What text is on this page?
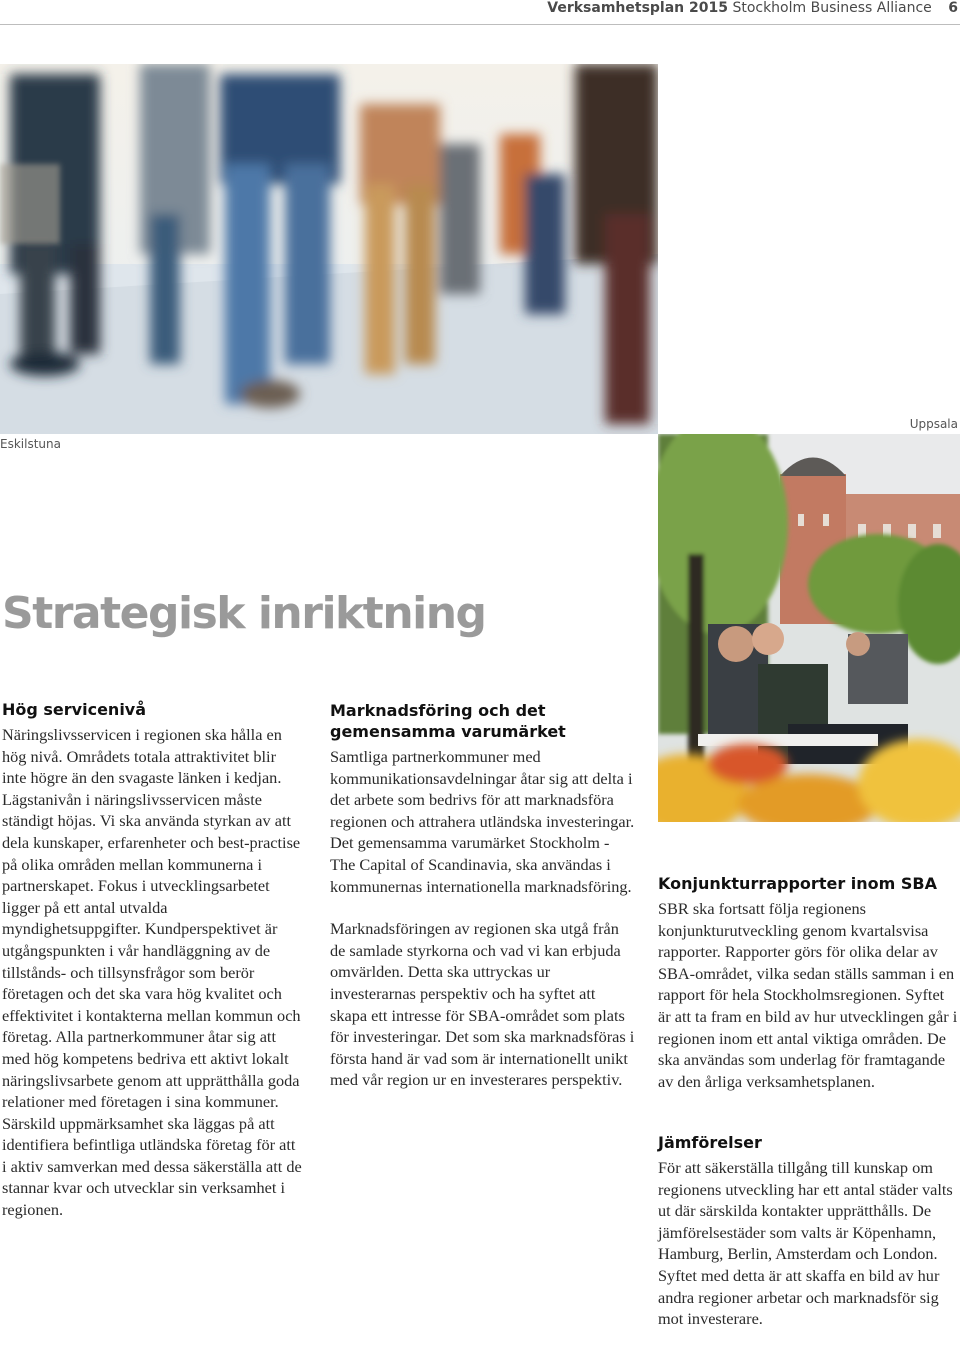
Verksamhetsplan 2015 Stockholm Business Alliance 6
Eskilstuna
Uppsala
Strategisk inriktning
Hög servicenivå

Näringslivsservicen i regionen ska hålla en hög nivå. Områdets totala attraktivitet blir inte högre än den svagaste länken i kedjan. Lägstanivån i näringslivsservicen måste ständigt höjas. Vi ska använda styrkan av att dela kunskaper, erfarenheter och best-practise på olika områden mellan kommunerna i partnerskapet. Fokus i utvecklingsarbetet ligger på ett antal utvalda myndighetsuppgifter. Kundperspektivet är utgångspunkten i vår handläggning av de tillstånds- och tillsynsfrågor som berör företagen och det ska vara hög kvalitet och effektivitet i kontakterna mellan kommun och företag. Alla partnerkommuner åtar sig att med hög kompetens bedriva ett aktivt lokalt näringslivsarbete genom att upprätthålla goda relationer med företagen i sina kommuner. Särskild uppmärksamhet ska läggas på att identifiera befintliga utländska företag för att i aktiv samverkan med dessa säkerställa att de stannar kvar och utvecklar sin verksamhet i regionen.

Marknadsföring och det gemensamma varumärket

Samtliga partnerkommuner med kommunikationsavdelningar åtar sig att delta i det arbete som bedrivs för att marknadsföra regionen och attrahera utländska investeringar. Det gemensamma varumärket Stockholm - The Capital of Scandinavia, ska användas i kommunernas internationella marknadsföring.

Marknadsföringen av regionen ska utgå från de samlade styrkorna och vad vi kan erbjuda omvärlden. Detta ska uttryckas ur investerarnas perspektiv och ha syftet att skapa ett intresse för SBA-området som plats för investeringar. Det som ska marknadsföras i första hand är vad som är internationellt unikt med vår region ur en investerares perspektiv.

Konjunkturrapporter inom SBA

SBR ska fortsatt följa regionens konjunkturutveckling genom kvartalsvisa rapporter. Rapporter görs för olika delar av SBA-området, vilka sedan ställs samman i en rapport för hela Stockholmsregionen. Syftet är att ta fram en bild av hur utvecklingen går i regionen inom ett antal viktiga områden. De ska användas som underlag för framtagande av den årliga verksamhetsplanen.

Jämförelser

För att säkerställa tillgång till kunskap om regionens utveckling har ett antal städer valts ut där särskilda kontakter upprätthålls. De jämförelsestäder som valts är Köpenhamn, Hamburg, Berlin, Amsterdam och London. Syftet med detta är att skaffa en bild av hur andra regioner arbetar och marknadsför sig mot investerare.
